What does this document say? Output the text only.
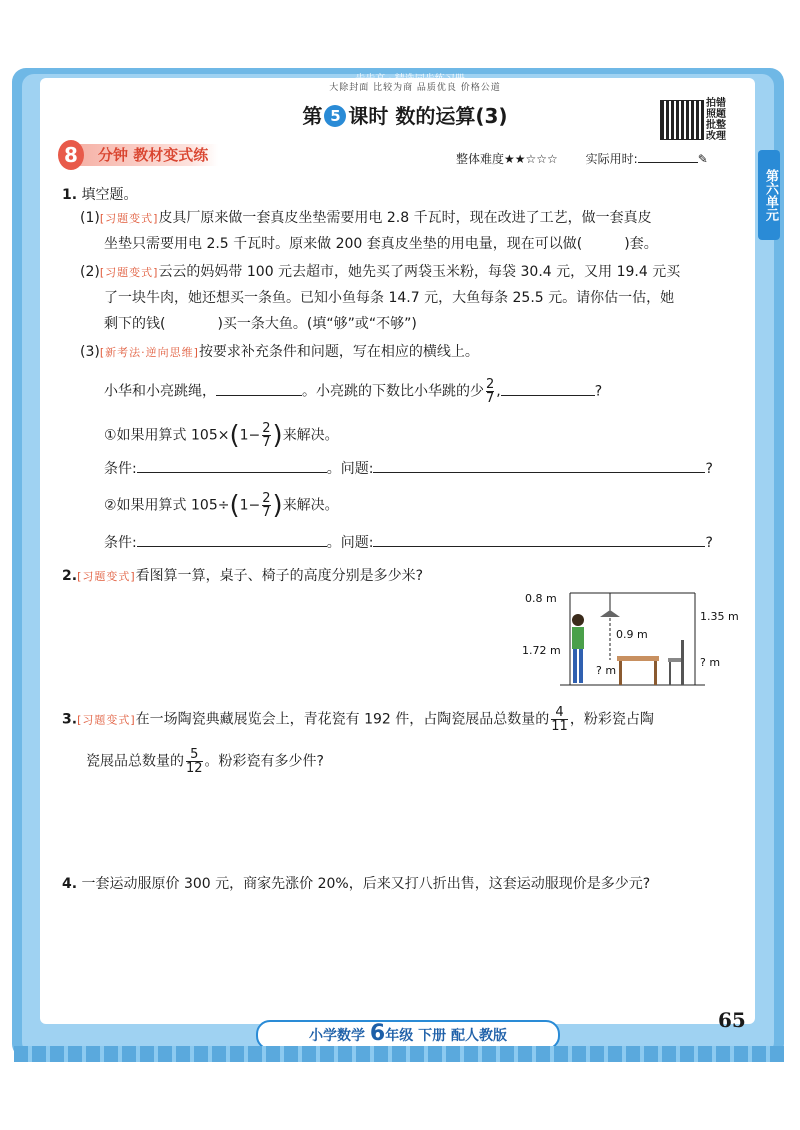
步步高 · 精选同步练习册
大除封面 比较为商 品质优良 价格公道
第 5 课时 数的运算(3)
拍错
照题
批整
改理
分钟 教材变式练
8	整体难度★★☆☆☆ 实际用时:	✎
第六单元
1. 填空题。
(1)[习题变式]皮具厂原来做一套真皮坐垫需要用电 2.8 千瓦时，现在改进了工艺，做一套真皮
坐垫只需要用电 2.5 千瓦时。原来做 200 套真皮坐垫的用电量，现在可以做(	)套。
(2)[习题变式]云云的妈妈带 100 元去超市，她先买了两袋玉米粉，每袋 30.4 元，又用 19.4 元买
了一块牛肉，她还想买一条鱼。已知小鱼每条 14.7 元，大鱼每条 25.5 元。请你估一估，她
剩下的钱(	)买一条大鱼。(填“够”或“不够”)
(3)[新考法·逆向思维]按要求补充条件和问题，写在相应的横线上。
小华和小亮跳绳，	。小亮跳的下数比小华跳的少 $\frac{2}{7}$ ,	?
①如果用算式 $105\times(1- \frac{2}{7}$ )来解决。
条件:	。问题:	?
②如果用算式 $105\div(1- \frac{2}{7}$ )来解决。
条件:	。问题:	?
2.[习题变式]看图算一算，桌子、椅子的高度分别是多少米?
0.8 m
1.72 m
0.9 m
1.35 m
? m
? m
3.[习题变式]在一场陶瓷典藏展览会上，青花瓷有 192 件，占陶瓷展品总数量的 $\frac{4}{11}$ ，粉彩瓷占陶
瓷展品总数量的 $\frac{5}{12}$ 。粉彩瓷有多少件?
4. 一套运动服原价 300 元，商家先涨价 20%，后来又打八折出售，这套运动服现价是多少元?
65
小学数学 6年级 下册 配人教版
